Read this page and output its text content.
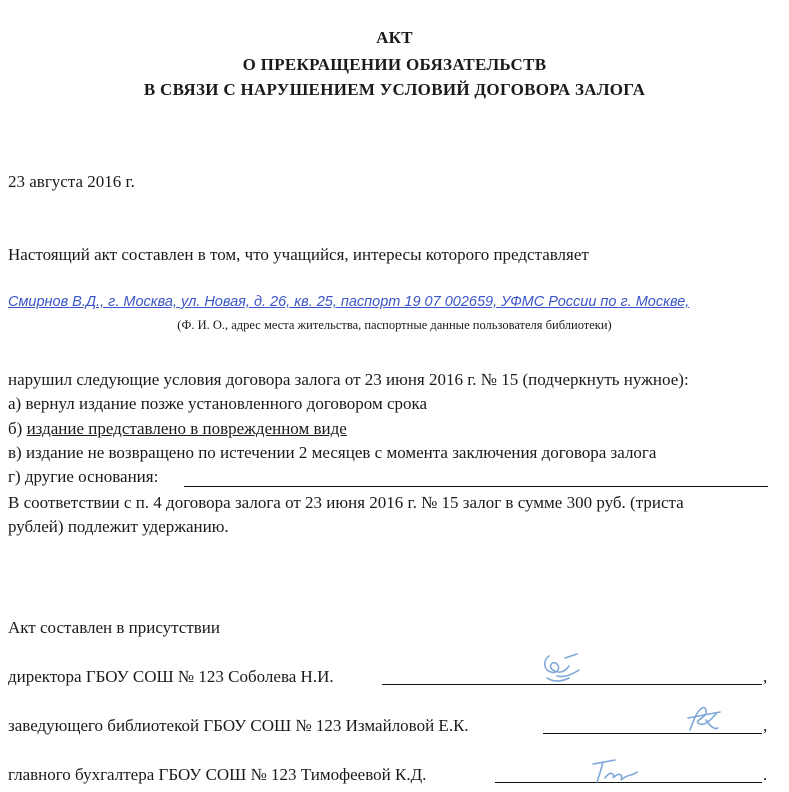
АКТ
О ПРЕКРАЩЕНИИ ОБЯЗАТЕЛЬСТВ
В СВЯЗИ С НАРУШЕНИЕМ УСЛОВИЙ ДОГОВОРА ЗАЛОГА
23 августа 2016 г.
Настоящий акт составлен в том, что учащийся, интересы которого представляет
Смирнов В.Д., г. Москва, ул. Новая, д. 26, кв. 25, паспорт 19 07 002659, УФМС России по г. Москве,
(Ф. И. О., адрес места жительства, паспортные данные пользователя библиотеки)
нарушил следующие условия договора залога от 23 июня 2016 г. № 15 (подчеркнуть нужное):
а) вернул издание позже установленного договором срока
б) издание представлено в поврежденном виде
в) издание не возвращено по истечении 2 месяцев с момента заключения договора залога
г) другие основания:
В соответствии с п. 4 договора залога от 23 июня 2016 г. № 15 залог в сумме 300 руб. (триста
рублей) подлежит удержанию.
Акт составлен в присутствии
директора ГБОУ СОШ № 123 Соболева Н.И.	,
заведующего библиотекой ГБОУ СОШ № 123 Измайловой Е.К.	,
главного бухгалтера ГБОУ СОШ № 123 Тимофеевой К.Д.	.
